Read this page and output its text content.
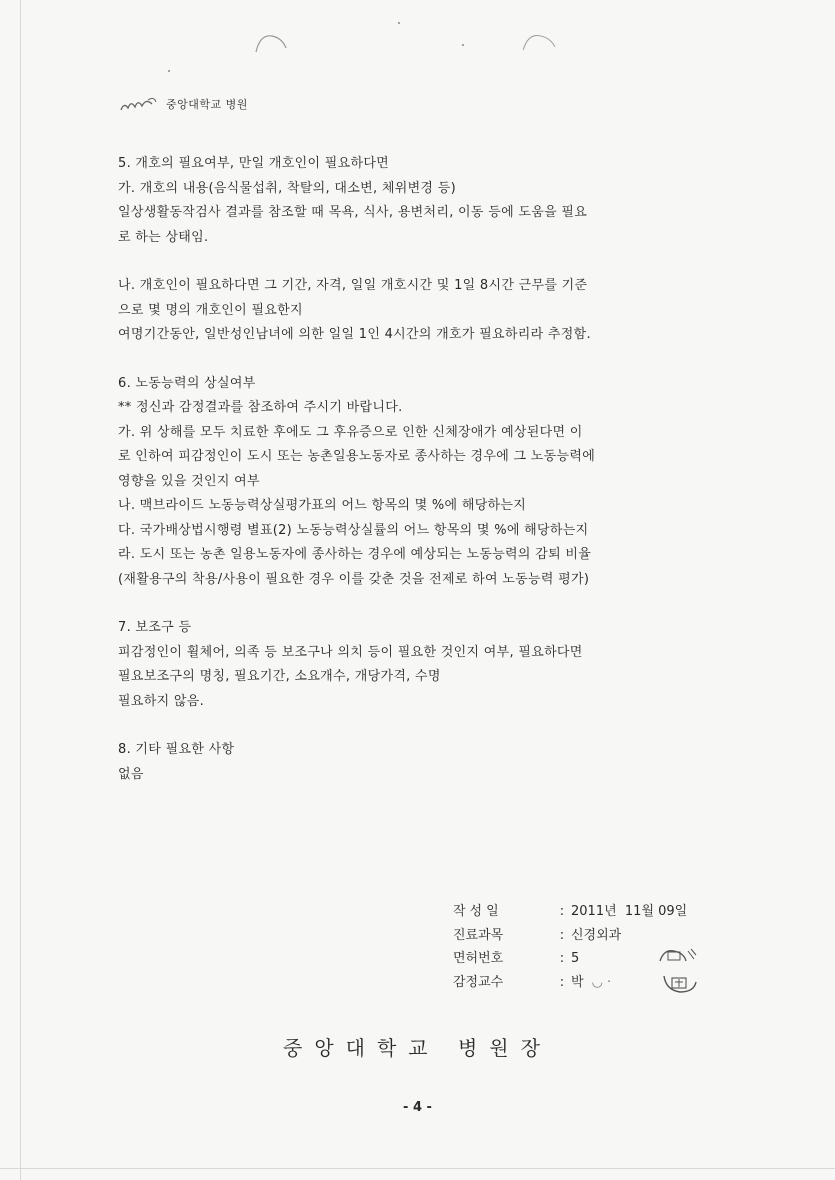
중앙대학교 병원
5. 개호의 필요여부, 만일 개호인이 필요하다면
가. 개호의 내용(음식물섭취, 착탈의, 대소변, 체위변경 등)
일상생활동작검사 결과를 참조할 때 목욕, 식사, 용변처리, 이동 등에 도움을 필요
로 하는 상태임.
나. 개호인이 필요하다면 그 기간, 자격, 일일 개호시간 및 1일 8시간 근무를 기준
으로 몇 명의 개호인이 필요한지
여명기간동안, 일반성인남녀에 의한 일일 1인 4시간의 개호가 필요하리라 추정함.
6. 노동능력의 상실여부
** 정신과 감정결과를 참조하여 주시기 바랍니다.
가. 위 상해를 모두 치료한 후에도 그 후유증으로 인한 신체장애가 예상된다면 이
로 인하여 피감정인이 도시 또는 농촌일용노동자로 종사하는 경우에 그 노동능력에
영향을 있을 것인지 여부
나. 맥브라이드 노동능력상실평가표의 어느 항목의 몇 %에 해당하는지
다. 국가배상법시행령 별표(2) 노동능력상실률의 어느 항목의 몇 %에 해당하는지
라. 도시 또는 농촌 일용노동자에 종사하는 경우에 예상되는 노동능력의 감퇴 비율
(재활용구의 착용/사용이 필요한 경우 이를 갖춘 것을 전제로 하여 노동능력 평가)
7. 보조구 등
피감정인이 휠체어, 의족 등 보조구나 의치 등이 필요한 것인지 여부, 필요하다면
필요보조구의 명칭, 필요기간, 소요개수, 개당가격, 수명
필요하지 않음.
8. 기타 필요한 사항
없음
작성일	: 2011년  11월 09일
진료과목	: 신경외과
면허번호	: 5
감정교수	: 박 ◡ ·
중앙대학교 병원장
- 4 -
